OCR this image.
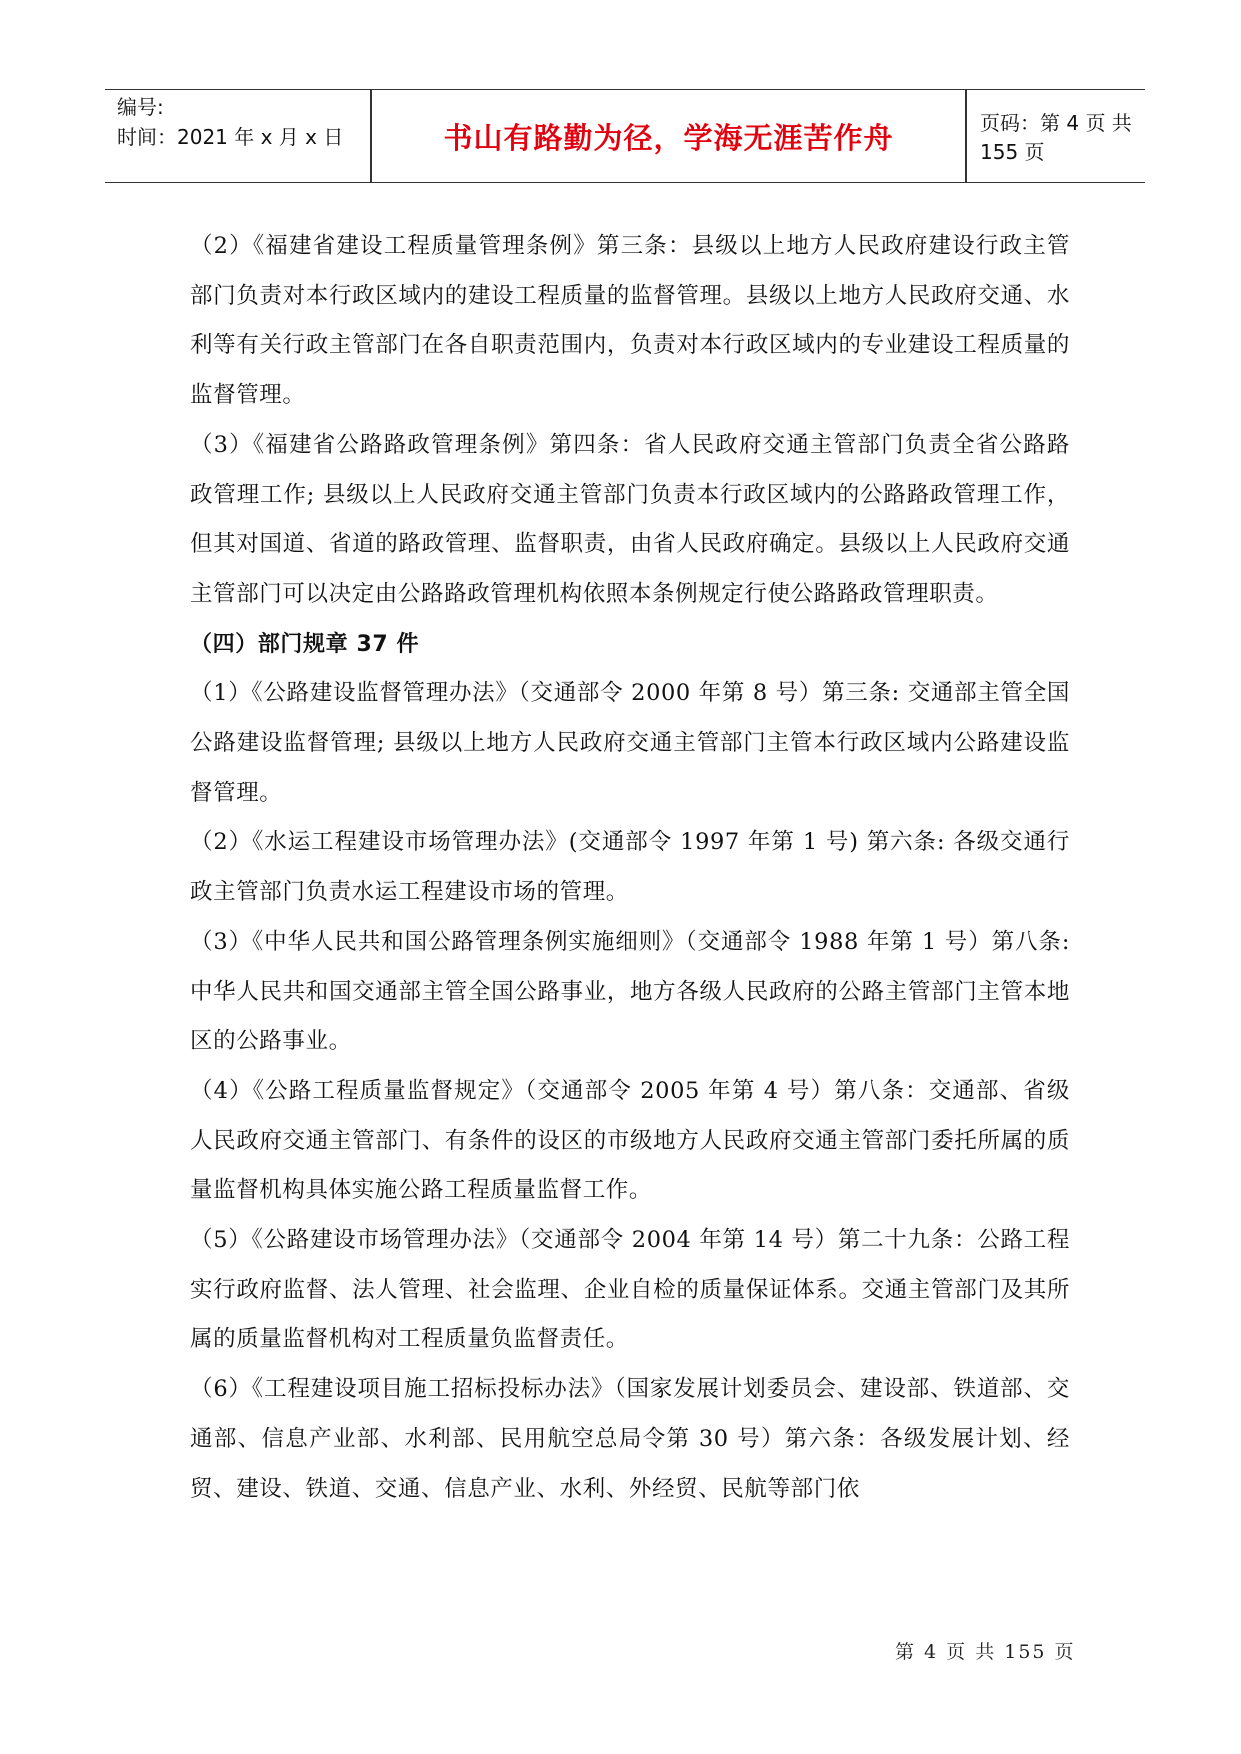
编号:
时间：2021 年 x 月 x 日	书山有路勤为径，学海无涯苦作舟	页码：第 4 页 共 155 页

（2）《福建省建设工程质量管理条例》第三条：县级以上地方人民政府建设行政主管部门负责对本行政区域内的建设工程质量的监督管理。县级以上地方人民政府交通、水利等有关行政主管部门在各自职责范围内，负责对本行政区域内的专业建设工程质量的监督管理。

（3）《福建省公路路政管理条例》第四条：省人民政府交通主管部门负责全省公路路政管理工作; 县级以上人民政府交通主管部门负责本行政区域内的公路路政管理工作，但其对国道、省道的路政管理、监督职责，由省人民政府确定。县级以上人民政府交通主管部门可以决定由公路路政管理机构依照本条例规定行使公路路政管理职责。

（四）部门规章 37 件

（1）《公路建设监督管理办法》（交通部令 2000 年第 8 号）第三条: 交通部主管全国公路建设监督管理; 县级以上地方人民政府交通主管部门主管本行政区域内公路建设监督管理。

（2）《水运工程建设市场管理办法》(交通部令 1997 年第 1 号) 第六条: 各级交通行政主管部门负责水运工程建设市场的管理。

（3）《中华人民共和国公路管理条例实施细则》（交通部令 1988 年第 1 号）第八条: 中华人民共和国交通部主管全国公路事业，地方各级人民政府的公路主管部门主管本地区的公路事业。

（4）《公路工程质量监督规定》（交通部令 2005 年第 4 号）第八条：交通部、省级人民政府交通主管部门、有条件的设区的市级地方人民政府交通主管部门委托所属的质量监督机构具体实施公路工程质量监督工作。

（5）《公路建设市场管理办法》（交通部令 2004 年第 14 号）第二十九条：公路工程实行政府监督、法人管理、社会监理、企业自检的质量保证体系。交通主管部门及其所属的质量监督机构对工程质量负监督责任。

（6）《工程建设项目施工招标投标办法》（国家发展计划委员会、建设部、铁道部、交通部、信息产业部、水利部、民用航空总局令第 30 号）第六条：各级发展计划、经贸、建设、铁道、交通、信息产业、水利、外经贸、民航等部门依

第 4 页 共 155 页
